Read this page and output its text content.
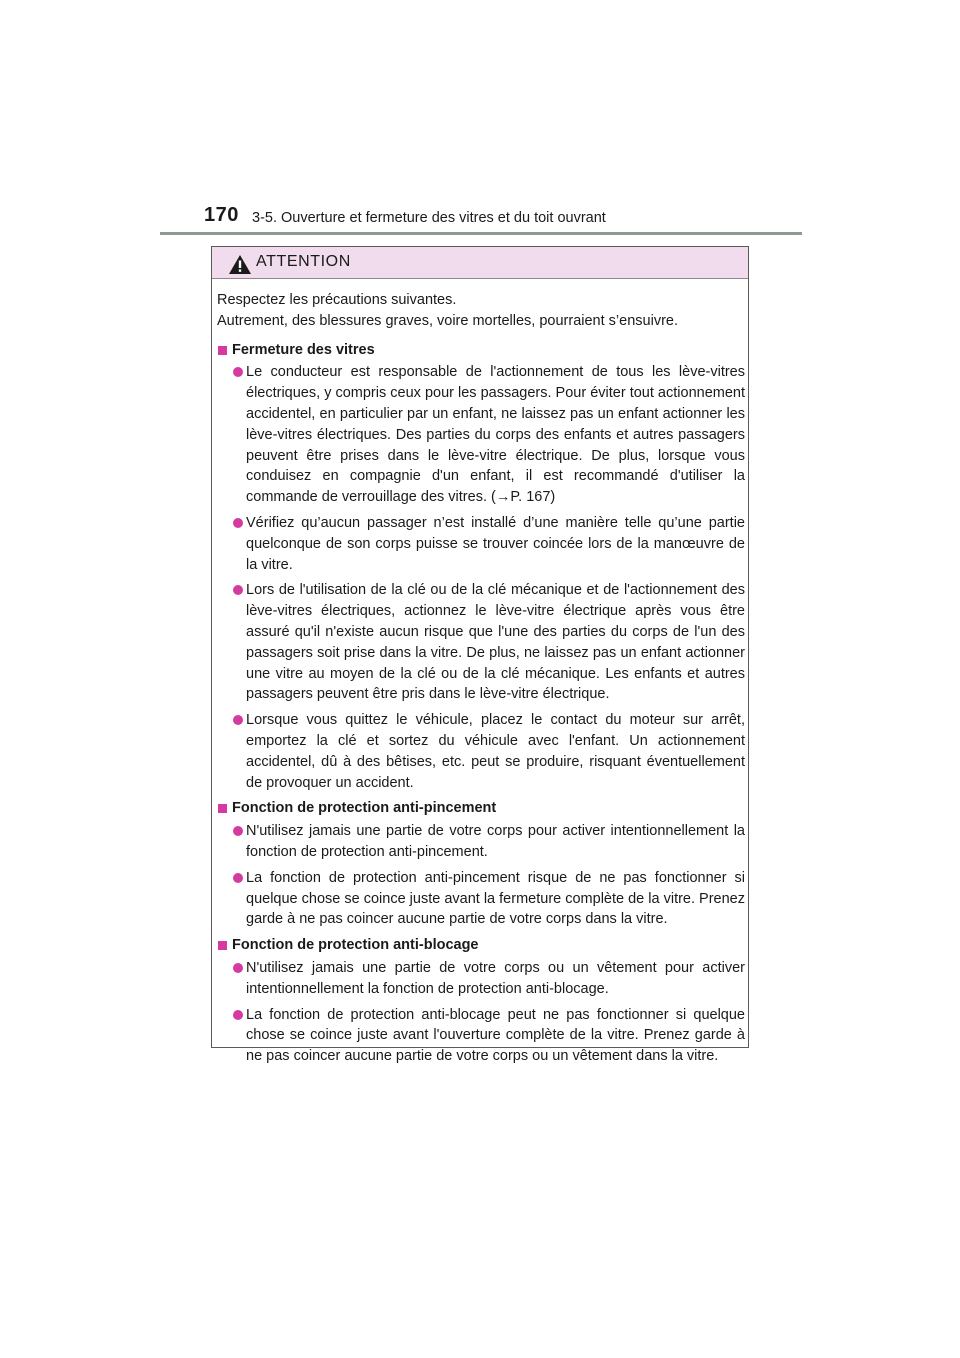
170 3-5. Ouverture et fermeture des vitres et du toit ouvrant
ATTENTION
Respectez les précautions suivantes.
Autrement, des blessures graves, voire mortelles, pourraient s’ensuivre.
Fermeture des vitres
Le conducteur est responsable de l'actionnement de tous les lève-vitres électriques, y compris ceux pour les passagers. Pour éviter tout actionnement accidentel, en particulier par un enfant, ne laissez pas un enfant actionner les lève-vitres électriques. Des parties du corps des enfants et autres passagers peuvent être prises dans le lève-vitre électrique. De plus, lorsque vous conduisez en compagnie d'un enfant, il est recommandé d'utiliser la commande de verrouillage des vitres. (→P. 167)
Vérifiez qu’aucun passager n’est installé d’une manière telle qu’une partie quelconque de son corps puisse se trouver coincée lors de la manœuvre de la vitre.
Lors de l'utilisation de la clé ou de la clé mécanique et de l'actionnement des lève-vitres électriques, actionnez le lève-vitre électrique après vous être assuré qu'il n'existe aucun risque que l'une des parties du corps de l'un des passagers soit prise dans la vitre. De plus, ne laissez pas un enfant actionner une vitre au moyen de la clé ou de la clé mécanique. Les enfants et autres passagers peuvent être pris dans le lève-vitre électrique.
Lorsque vous quittez le véhicule, placez le contact du moteur sur arrêt, emportez la clé et sortez du véhicule avec l'enfant. Un actionnement accidentel, dû à des bêtises, etc. peut se produire, risquant éventuellement de provoquer un accident.
Fonction de protection anti-pincement
N'utilisez jamais une partie de votre corps pour activer intentionnellement la fonction de protection anti-pincement.
La fonction de protection anti-pincement risque de ne pas fonctionner si quelque chose se coince juste avant la fermeture complète de la vitre. Prenez garde à ne pas coincer aucune partie de votre corps dans la vitre.
Fonction de protection anti-blocage
N'utilisez jamais une partie de votre corps ou un vêtement pour activer intentionnellement la fonction de protection anti-blocage.
La fonction de protection anti-blocage peut ne pas fonctionner si quelque chose se coince juste avant l'ouverture complète de la vitre. Prenez garde à ne pas coincer aucune partie de votre corps ou un vêtement dans la vitre.
